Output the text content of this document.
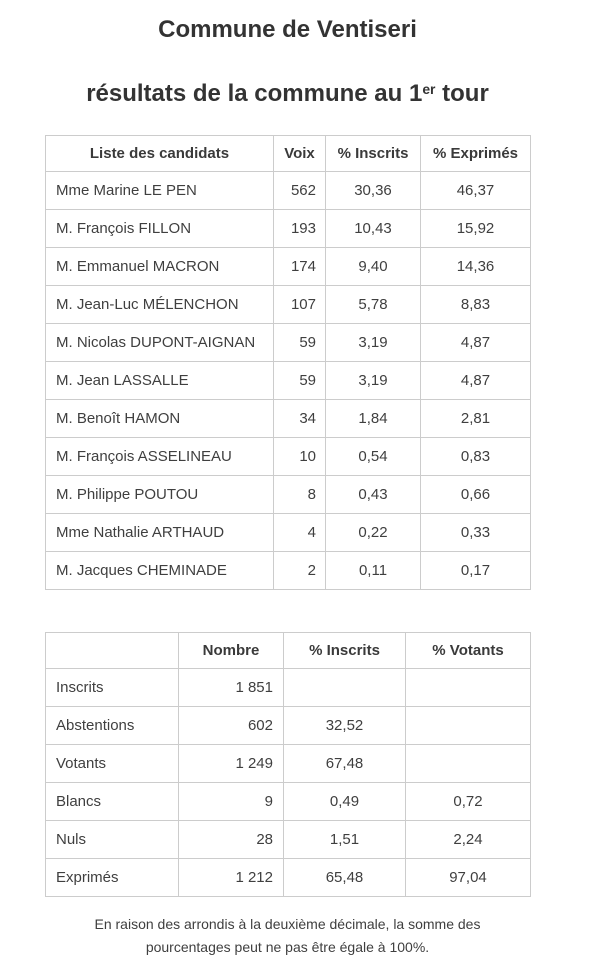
Commune de Ventiseri
résultats de la commune au 1er tour
Liste des candidats	Voix	% Inscrits	% Exprimés
Mme Marine LE PEN	562	30,36	46,37
M. François FILLON	193	10,43	15,92
M. Emmanuel MACRON	174	9,40	14,36
M. Jean-Luc MÉLENCHON	107	5,78	8,83
M. Nicolas DUPONT-AIGNAN	59	3,19	4,87
M. Jean LASSALLE	59	3,19	4,87
M. Benoît HAMON	34	1,84	2,81
M. François ASSELINEAU	10	0,54	0,83
M. Philippe POUTOU	8	0,43	0,66
Mme Nathalie ARTHAUD	4	0,22	0,33
M. Jacques CHEMINADE	2	0,11	0,17
	Nombre	% Inscrits	% Votants
Inscrits	1 851		
Abstentions	602	32,52	
Votants	1 249	67,48	
Blancs	9	0,49	0,72
Nuls	28	1,51	2,24
Exprimés	1 212	65,48	97,04

En raison des arrondis à la deuxième décimale, la somme des pourcentages peut ne pas être égale à 100%.
